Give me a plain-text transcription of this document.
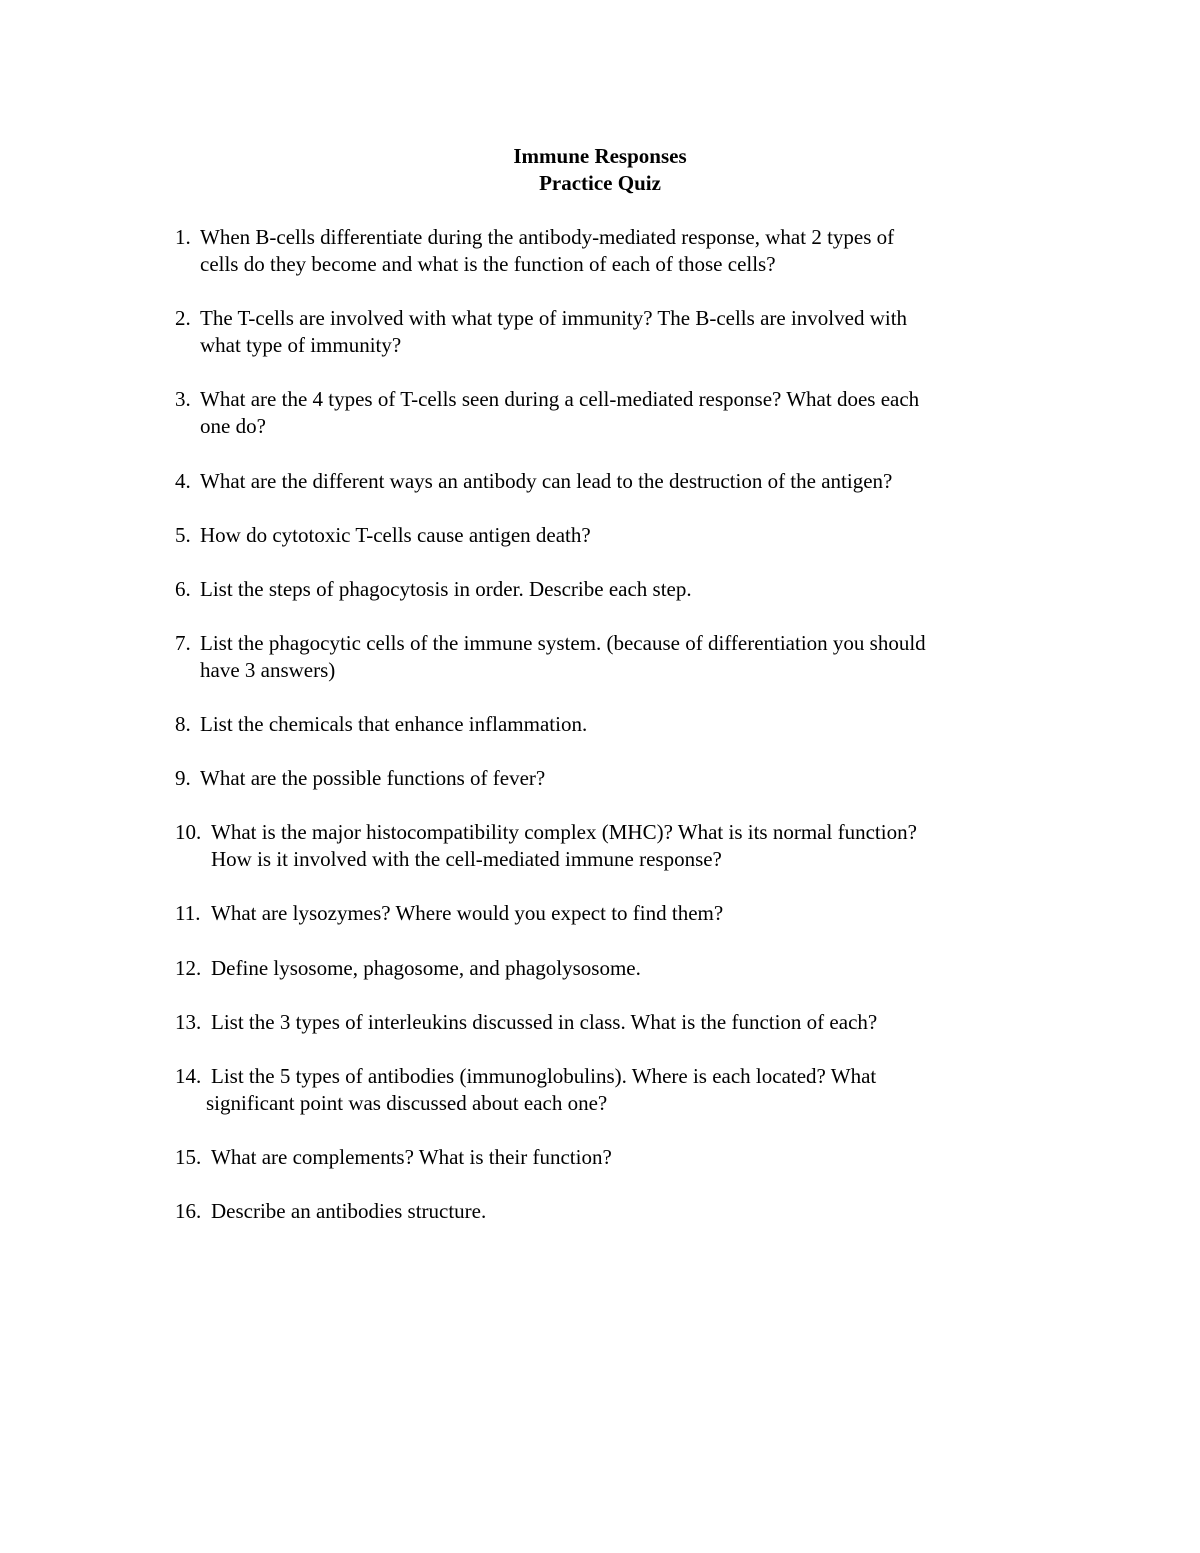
Immune Responses
Practice Quiz
1. When B-cells differentiate during the antibody-mediated response, what 2 types of
cells do they become and what is the function of each of those cells?
2. The T-cells are involved with what type of immunity? The B-cells are involved with
what type of immunity?
3. What are the 4 types of T-cells seen during a cell-mediated response? What does each
one do?
4. What are the different ways an antibody can lead to the destruction of the antigen?
5. How do cytotoxic T-cells cause antigen death?
6. List the steps of phagocytosis in order. Describe each step.
7. List the phagocytic cells of the immune system. (because of differentiation you should
have 3 answers)
8. List the chemicals that enhance inflammation.
9. What are the possible functions of fever?
10. What is the major histocompatibility complex (MHC)? What is its normal function?
How is it involved with the cell-mediated immune response?
11. What are lysozymes? Where would you expect to find them?
12. Define lysosome, phagosome, and phagolysosome.
13. List the 3 types of interleukins discussed in class. What is the function of each?
14. List the 5 types of antibodies (immunoglobulins). Where is each located? What
significant point was discussed about each one?
15. What are complements? What is their function?
16. Describe an antibodies structure.
